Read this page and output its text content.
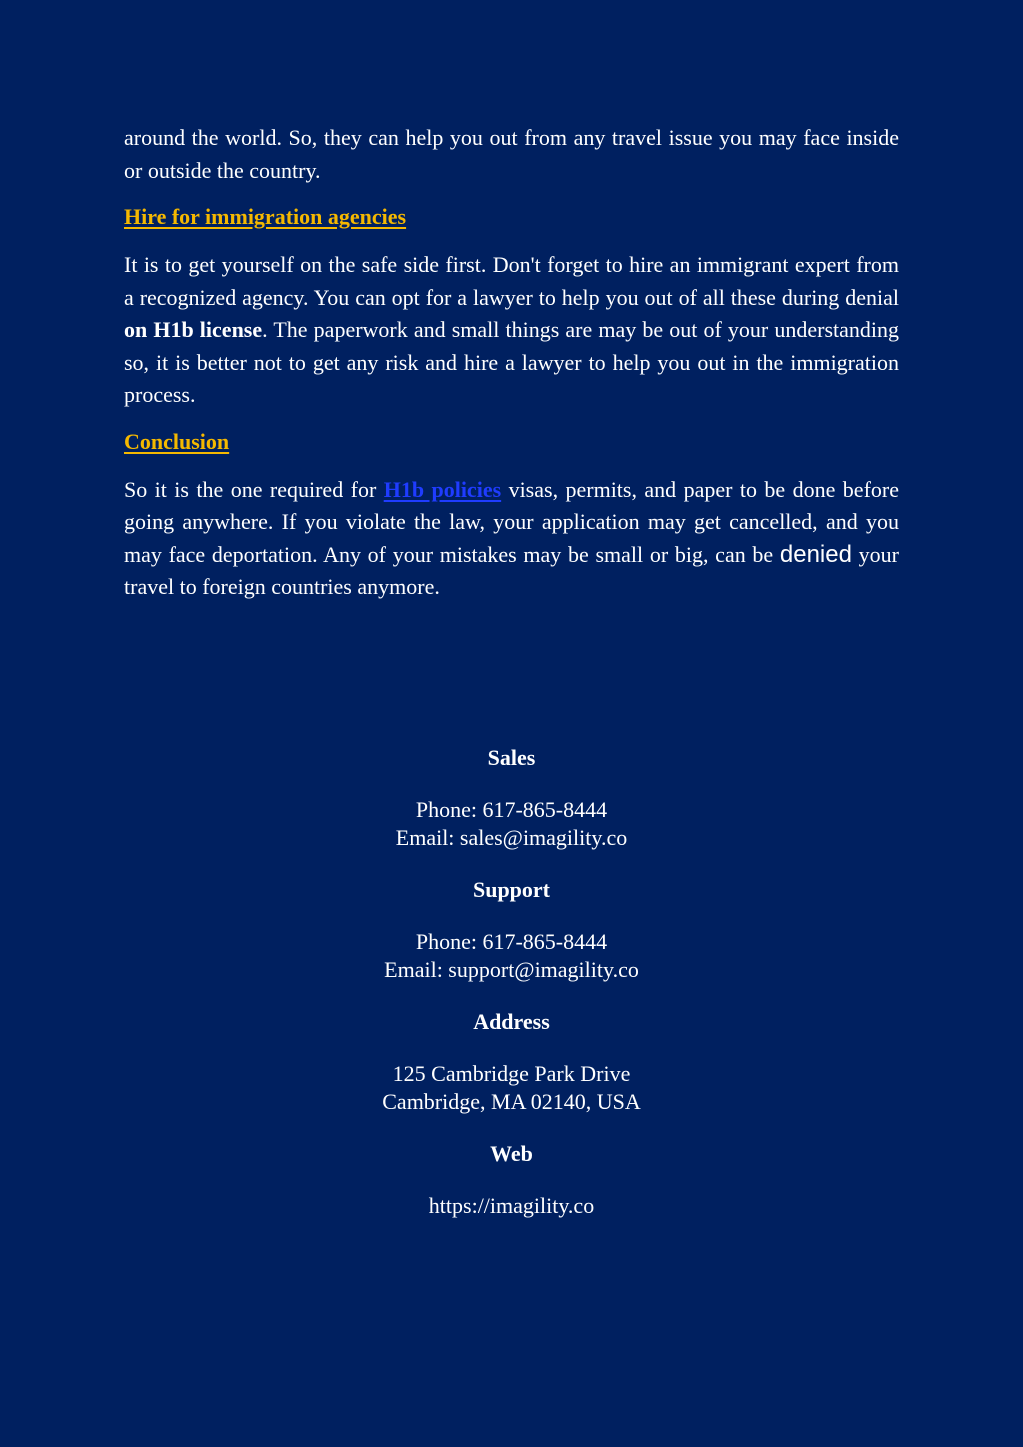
around the world. So, they can help you out from any travel issue you may face inside or outside the country.

Hire for immigration agencies

It is to get yourself on the safe side first. Don't forget to hire an immigrant expert from a recognized agency. You can opt for a lawyer to help you out of all these during denial on H1b license. The paperwork and small things are may be out of your understanding so, it is better not to get any risk and hire a lawyer to help you out in the immigration process.

Conclusion

So it is the one required for H1b policies visas, permits, and paper to be done before going anywhere. If you violate the law, your application may get cancelled, and you may face deportation. Any of your mistakes may be small or big, can be denied your travel to foreign countries anymore.

Sales

Phone: 617-865-8444

Email: sales@imagility.co

Support

Phone: 617-865-8444

Email: support@imagility.co

Address

125 Cambridge Park Drive

Cambridge, MA 02140, USA

Web

https://imagility.co
